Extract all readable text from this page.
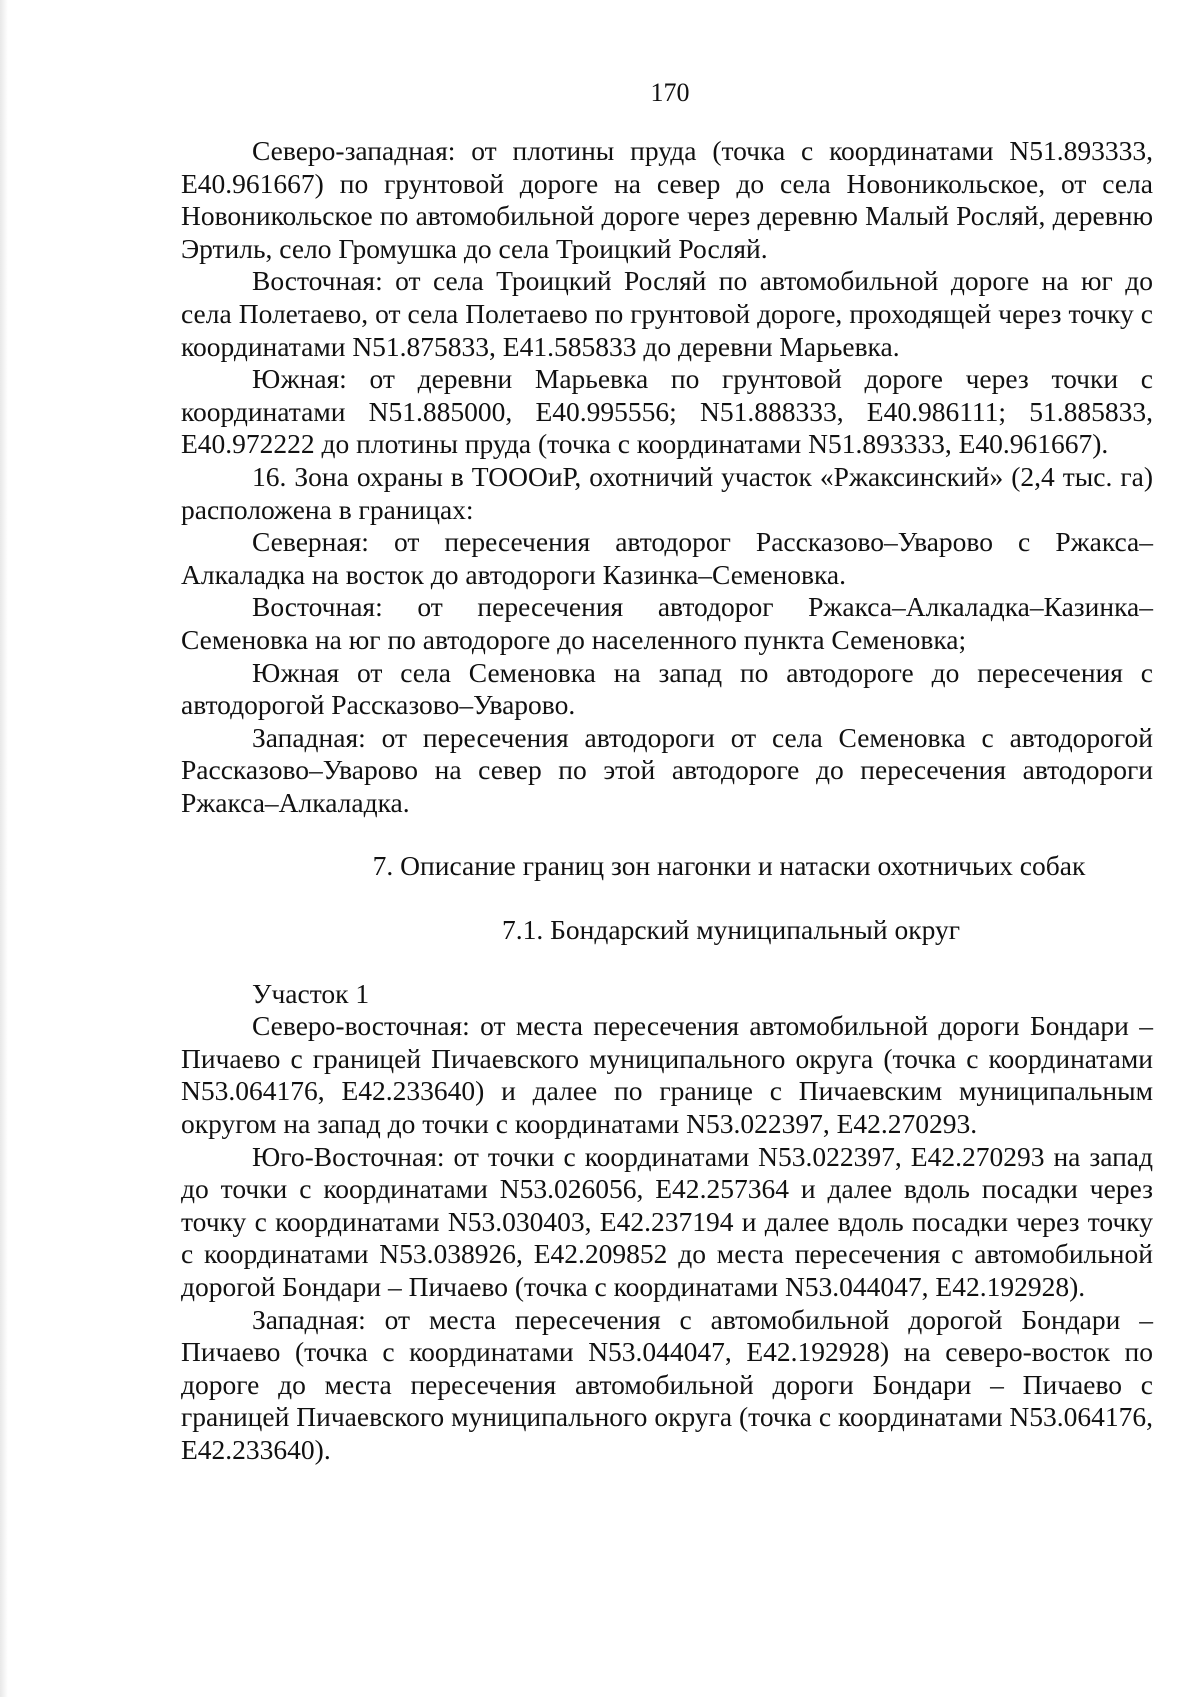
170

Северо-западная: от плотины пруда (точка с координатами N51.893333, E40.961667) по грунтовой дороге на север до села Новоникольское, от села Новоникольское по автомобильной дороге через деревню Малый Росляй, деревню Эртиль, село Громушка до села Троицкий Росляй.

Восточная: от села Троицкий Росляй по автомобильной дороге на юг до села Полетаево, от села Полетаево по грунтовой дороге, проходящей через точку с координатами N51.875833, E41.585833 до деревни Марьевка.

Южная: от деревни Марьевка по грунтовой дороге через точки с координатами N51.885000, E40.995556; N51.888333, E40.986111; 51.885833, E40.972222 до плотины пруда (точка с координатами N51.893333, E40.961667).

16. Зона охраны в ТОООиР, охотничий участок «Ржаксинский» (2,4 тыс. га) расположена в границах:

Северная: от пересечения автодорог Рассказово–Уварово с Ржакса–Алкаладка на восток до автодороги Казинка–Семеновка.

Восточная: от пересечения автодорог Ржакса–Алкаладка–Казинка–Семеновка на юг по автодороге до населенного пункта Семеновка;

Южная от села Семеновка на запад по автодороге до пересечения с автодорогой Рассказово–Уварово.

Западная: от пересечения автодороги от села Семеновка с автодорогой Рассказово–Уварово на север по этой автодороге до пересечения автодороги Ржакса–Алкаладка.

7. Описание границ зон нагонки и натаски охотничьих собак

7.1. Бондарский муниципальный округ

Участок 1

Северо-восточная: от места пересечения автомобильной дороги Бондари – Пичаево с границей Пичаевского муниципального округа (точка с координатами N53.064176, E42.233640) и далее по границе с Пичаевским муниципальным округом на запад до точки с координатами N53.022397, E42.270293.

Юго-Восточная: от точки с координатами N53.022397, E42.270293 на запад до точки с координатами N53.026056, E42.257364 и далее вдоль посадки через точку с координатами N53.030403, E42.237194 и далее вдоль посадки через точку с координатами N53.038926, E42.209852 до места пересечения с автомобильной дорогой Бондари – Пичаево (точка с координатами N53.044047, E42.192928).

Западная: от места пересечения с автомобильной дорогой Бондари – Пичаево (точка с координатами N53.044047, E42.192928) на северо-восток по дороге до места пересечения автомобильной дороги Бондари – Пичаево с границей Пичаевского муниципального округа (точка с координатами N53.064176, E42.233640).
